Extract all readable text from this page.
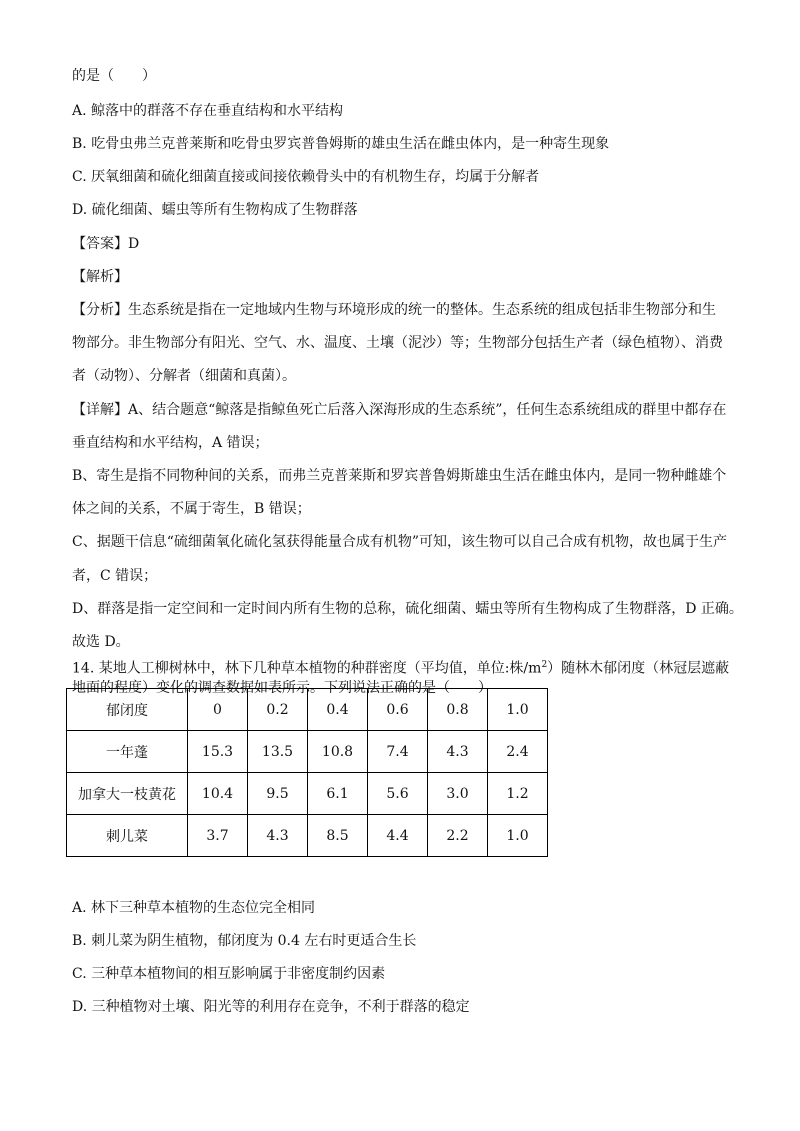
的是（　　）
A. 鲸落中的群落不存在垂直结构和水平结构
B. 吃骨虫弗兰克普莱斯和吃骨虫罗宾普鲁姆斯的雄虫生活在雌虫体内，是一种寄生现象
C. 厌氧细菌和硫化细菌直接或间接依赖骨头中的有机物生存，均属于分解者
D. 硫化细菌、蠕虫等所有生物构成了生物群落
【答案】D
【解析】
【分析】生态系统是指在一定地域内生物与环境形成的统一的整体。生态系统的组成包括非生物部分和生
物部分。非生物部分有阳光、空气、水、温度、土壤（泥沙）等；生物部分包括生产者（绿色植物）、消费
者（动物）、分解者（细菌和真菌）。
【详解】A、结合题意“鲸落是指鲸鱼死亡后落入深海形成的生态系统”，任何生态系统组成的群里中都存在
垂直结构和水平结构，A 错误；
B、寄生是指不同物种间的关系，而弗兰克普莱斯和罗宾普鲁姆斯雄虫生活在雌虫体内，是同一物种雌雄个
体之间的关系，不属于寄生，B 错误；
C、据题干信息“硫细菌氧化硫化氢获得能量合成有机物”可知，该生物可以自己合成有机物，故也属于生产
者，C 错误；
D、群落是指一定空间和一定时间内所有生物的总称，硫化细菌、蠕虫等所有生物构成了生物群落，D 正确。
故选 D。
14. 某地人工柳树林中，林下几种草本植物的种群密度（平均值，单位:株$/m^2$）随林木郁闭度（林冠层遮蔽
地面的程度）变化的调查数据如表所示。下列说法正确的是（　　）
郁闭度	0	0.2	0.4	0.6	0.8	1.0
一年蓬	15.3	13.5	10.8	7.4	4.3	2.4
加拿大一枝黄花	10.4	9.5	6.1	5.6	3.0	1.2
刺儿菜	3.7	4.3	8.5	4.4	2.2	1.0
A. 林下三种草本植物的生态位完全相同
B. 刺儿菜为阴生植物，郁闭度为 0.4 左右时更适合生长
C. 三种草本植物间的相互影响属于非密度制约因素
D. 三种植物对土壤、阳光等的利用存在竞争，不利于群落的稳定
